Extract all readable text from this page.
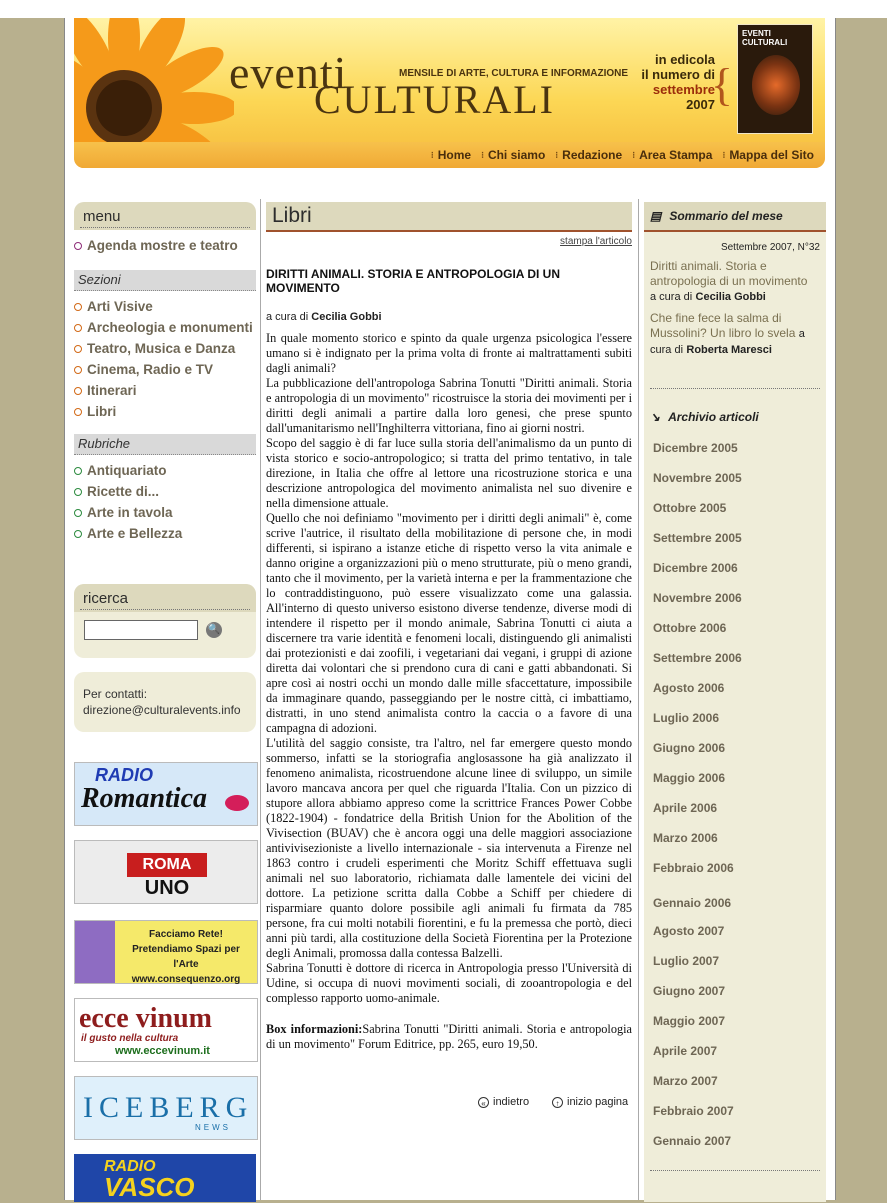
eventi	MENSILE DI ARTE, CULTURA E INFORMAZIONE
CULTURALI
in edicola
il numero di
settembre
2007
{
EVENTI CULTURALI
⁝ Home ⁝ Chi siamo ⁝ Redazione ⁝ Area Stampa ⁝ Mappa del Sito
menu
Agenda mostre e teatro
Sezioni
Arti Visive
Archeologia e monumenti
Teatro, Musica e Danza
Cinema, Radio e TV
Itinerari
Libri
Rubriche
Antiquariato
Ricette di...
Arte in tavola
Arte e Bellezza
ricerca
🔍
Per contatti:
direzione@culturalevents.info
RADIO
Romantica
ROMA
UNO
Facciamo Rete!
Pretendiamo Spazi per l'Arte
www.consequenzo.org
ecce vinum
il gusto nella cultura
www.eccevinum.it
ICEBERG
NEWS
RADIO
VASCO
Libri
stampa l'articolo
DIRITTI ANIMALI. STORIA E ANTROPOLOGIA DI UN MOVIMENTO
a cura di Cecilia Gobbi

In quale momento storico e spinto da quale urgenza psicologica l'essere umano si è indignato per la prima volta di fronte ai maltrattamenti subiti dagli animali?

La pubblicazione dell'antropologa Sabrina Tonutti "Diritti animali. Storia e antropologia di un movimento" ricostruisce la storia dei movimenti per i diritti degli animali a partire dalla loro genesi, che prese spunto dall'umanitarismo nell'Inghilterra vittoriana, fino ai giorni nostri.

Scopo del saggio è di far luce sulla storia dell'animalismo da un punto di vista storico e socio-antropologico; si tratta del primo tentativo, in tale direzione, in Italia che offre al lettore una ricostruzione storica e una descrizione antropologica del movimento animalista nel suo divenire e nella dimensione attuale.

Quello che noi definiamo "movimento per i diritti degli animali" è, come scrive l'autrice, il risultato della mobilitazione di persone che, in modi differenti, si ispirano a istanze etiche di rispetto verso la vita animale e danno origine a organizzazioni più o meno strutturate, più o meno grandi, tanto che il movimento, per la varietà interna e per la frammentazione che lo contraddistinguono, può essere visualizzato come una galassia. All'interno di questo universo esistono diverse tendenze, diverse modi di intendere il rispetto per il mondo animale, Sabrina Tonutti ci aiuta a discernere tra varie identità e fenomeni locali, distinguendo gli animalisti dai protezionisti e dai zoofili, i vegetariani dai vegani, i gruppi di azione diretta dai volontari che si prendono cura di cani e gatti abbandonati. Si apre così ai nostri occhi un mondo dalle mille sfaccettature, impossibile da immaginare quando, passeggiando per le nostre città, ci imbattiamo, distratti, in uno stend animalista contro la caccia o a favore di una campagna di adozioni.

L'utilità del saggio consiste, tra l'altro, nel far emergere questo mondo sommerso, infatti se la storiografia anglosassone ha già analizzato il fenomeno animalista, ricostruendone alcune linee di sviluppo, un simile lavoro mancava ancora per quel che riguarda l'Italia. Con un pizzico di stupore allora abbiamo appreso come la scrittrice Frances Power Cobbe (1822-1904) - fondatrice della British Union for the Abolition of the Vivisection (BUAV) che è ancora oggi una delle maggiori associazione antivivisezioniste a livello internazionale - sia intervenuta a Firenze nel 1863 contro i crudeli esperimenti che Moritz Schiff effettuava sugli animali nel suo laboratorio, richiamata dalle lamentele dei vicini del dottore. La petizione scritta dalla Cobbe a Schiff per chiedere di risparmiare quanto dolore possibile agli animali fu firmata da 785 persone, fra cui molti notabili fiorentini, e fu la premessa che portò, dieci anni più tardi, alla costituzione della Società Fiorentina per la Protezione degli Animali, promossa dalla contessa Balzelli.

Sabrina Tonutti è dottore di ricerca in Antropologia presso l'Università di Udine, si occupa di nuovi movimenti sociali, di zooantropologia e del complesso rapporto uomo-animale.

Box informazioni:Sabrina Tonutti "Diritti animali. Storia e antropologia di un movimento" Forum Editrice, pp. 265, euro 19,50.
« indietro	↑ inizio pagina
▤ Sommario del mese
Settembre 2007, N°32
Diritti animali. Storia e antropologia di un movimento
a cura di Cecilia Gobbi
Che fine fece la salma di Mussolini? Un libro lo svela a cura di Roberta Maresci
↘ Archivio articoli
Dicembre 2005
Novembre 2005
Ottobre 2005
Settembre 2005
Dicembre 2006
Novembre 2006
Ottobre 2006
Settembre 2006
Agosto 2006
Luglio 2006
Giugno 2006
Maggio 2006
Aprile 2006
Marzo 2006
Febbraio 2006
Gennaio 2006
Agosto 2007
Luglio 2007
Giugno 2007
Maggio 2007
Aprile 2007
Marzo 2007
Febbraio 2007
Gennaio 2007
